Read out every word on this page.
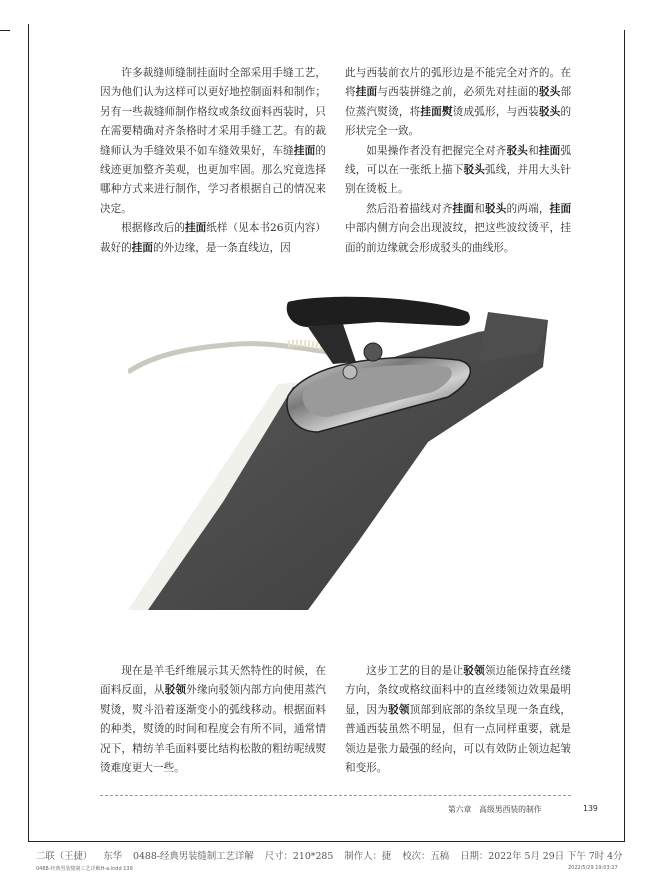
许多裁缝师缝制挂面时全部采用手缝工艺，因为他们认为这样可以更好地控制面料和制作；另有一些裁缝师制作格纹或条纹面料西装时，只在需要精确对齐条格时才采用手缝工艺。有的裁缝师认为手缝效果不如车缝效果好，车缝挂面的线迹更加整齐美观，也更加牢固。那么究竟选择哪种方式来进行制作，学习者根据自己的情况来决定。

根据修改后的挂面纸样（见本书26页内容）裁好的挂面的外边缘，是一条直线边，因

此与西装前衣片的弧形边是不能完全对齐的。在将挂面与西装拼缝之前，必须先对挂面的驳头部位蒸汽熨烫，将挂面熨烫成弧形，与西装驳头的形状完全一致。

如果操作者没有把握完全对齐驳头和挂面弧线，可以在一张纸上描下驳头弧线，并用大头针别在烫板上。

然后沿着描线对齐挂面和驳头的两端，挂面中部内侧方向会出现波纹，把这些波纹烫平，挂面的前边缘就会形成驳头的曲线形。

现在是羊毛纤维展示其天然特性的时候，在面料反面，从驳领外缘向驳领内部方向使用蒸汽熨烫，熨斗沿着逐渐变小的弧线移动。根据面料的种类，熨烫的时间和程度会有所不同，通常情况下，精纺羊毛面料要比结构松散的粗纺呢绒熨烫难度更大一些。

这步工艺的目的是让驳领领边能保持直丝缕方向，条纹或格纹面料中的直丝缕领边效果最明显，因为驳领顶部到底部的条纹呈现一条直线，普通西装虽然不明显，但有一点同样重要，就是领边是张力最强的经向，可以有效防止领边起皱和变形。

第六章　高级男西装的制作	139
二联（王捷） 东华 0488-经典男装缝制工艺详解 尺寸：210*285 制作人：捷 校次：五稿 日期：2022年 5月 29日 下午 7时 4分
0488-经典男装缝制工艺详解H-a.indd 139	2022/5/29 19:03:27
